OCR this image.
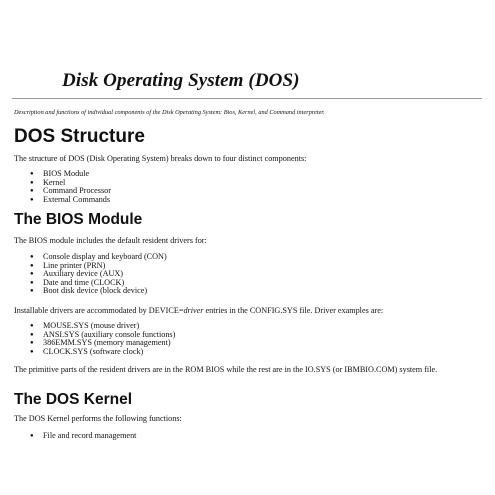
Disk Operating System (DOS)
Description and functions of individual components of the Disk Operating System: Bios, Kernel, and Command interpreter.
DOS Structure
The structure of DOS (Disk Operating System) breaks down to four distinct components:
● BIOS Module
● Kernel
● Command Processor
● External Commands
The BIOS Module
The BIOS module includes the default resident drivers for:
● Console display and keyboard (CON)
● Line printer (PRN)
● Auxiliary device (AUX)
● Date and time (CLOCK)
● Boot disk device (block device)
Installable drivers are accommodated by DEVICE=driver entries in the CONFIG.SYS file. Driver examples are:
● MOUSE.SYS (mouse driver)
● ANSI.SYS (auxiliary console functions)
● 386EMM.SYS (memory management)
● CLOCK.SYS (software clock)
The primitive parts of the resident drivers are in the ROM BIOS while the rest are in the IO.SYS (or IBMBIO.COM) system file.
The DOS Kernel
The DOS Kernel performs the following functions:
● File and record management
